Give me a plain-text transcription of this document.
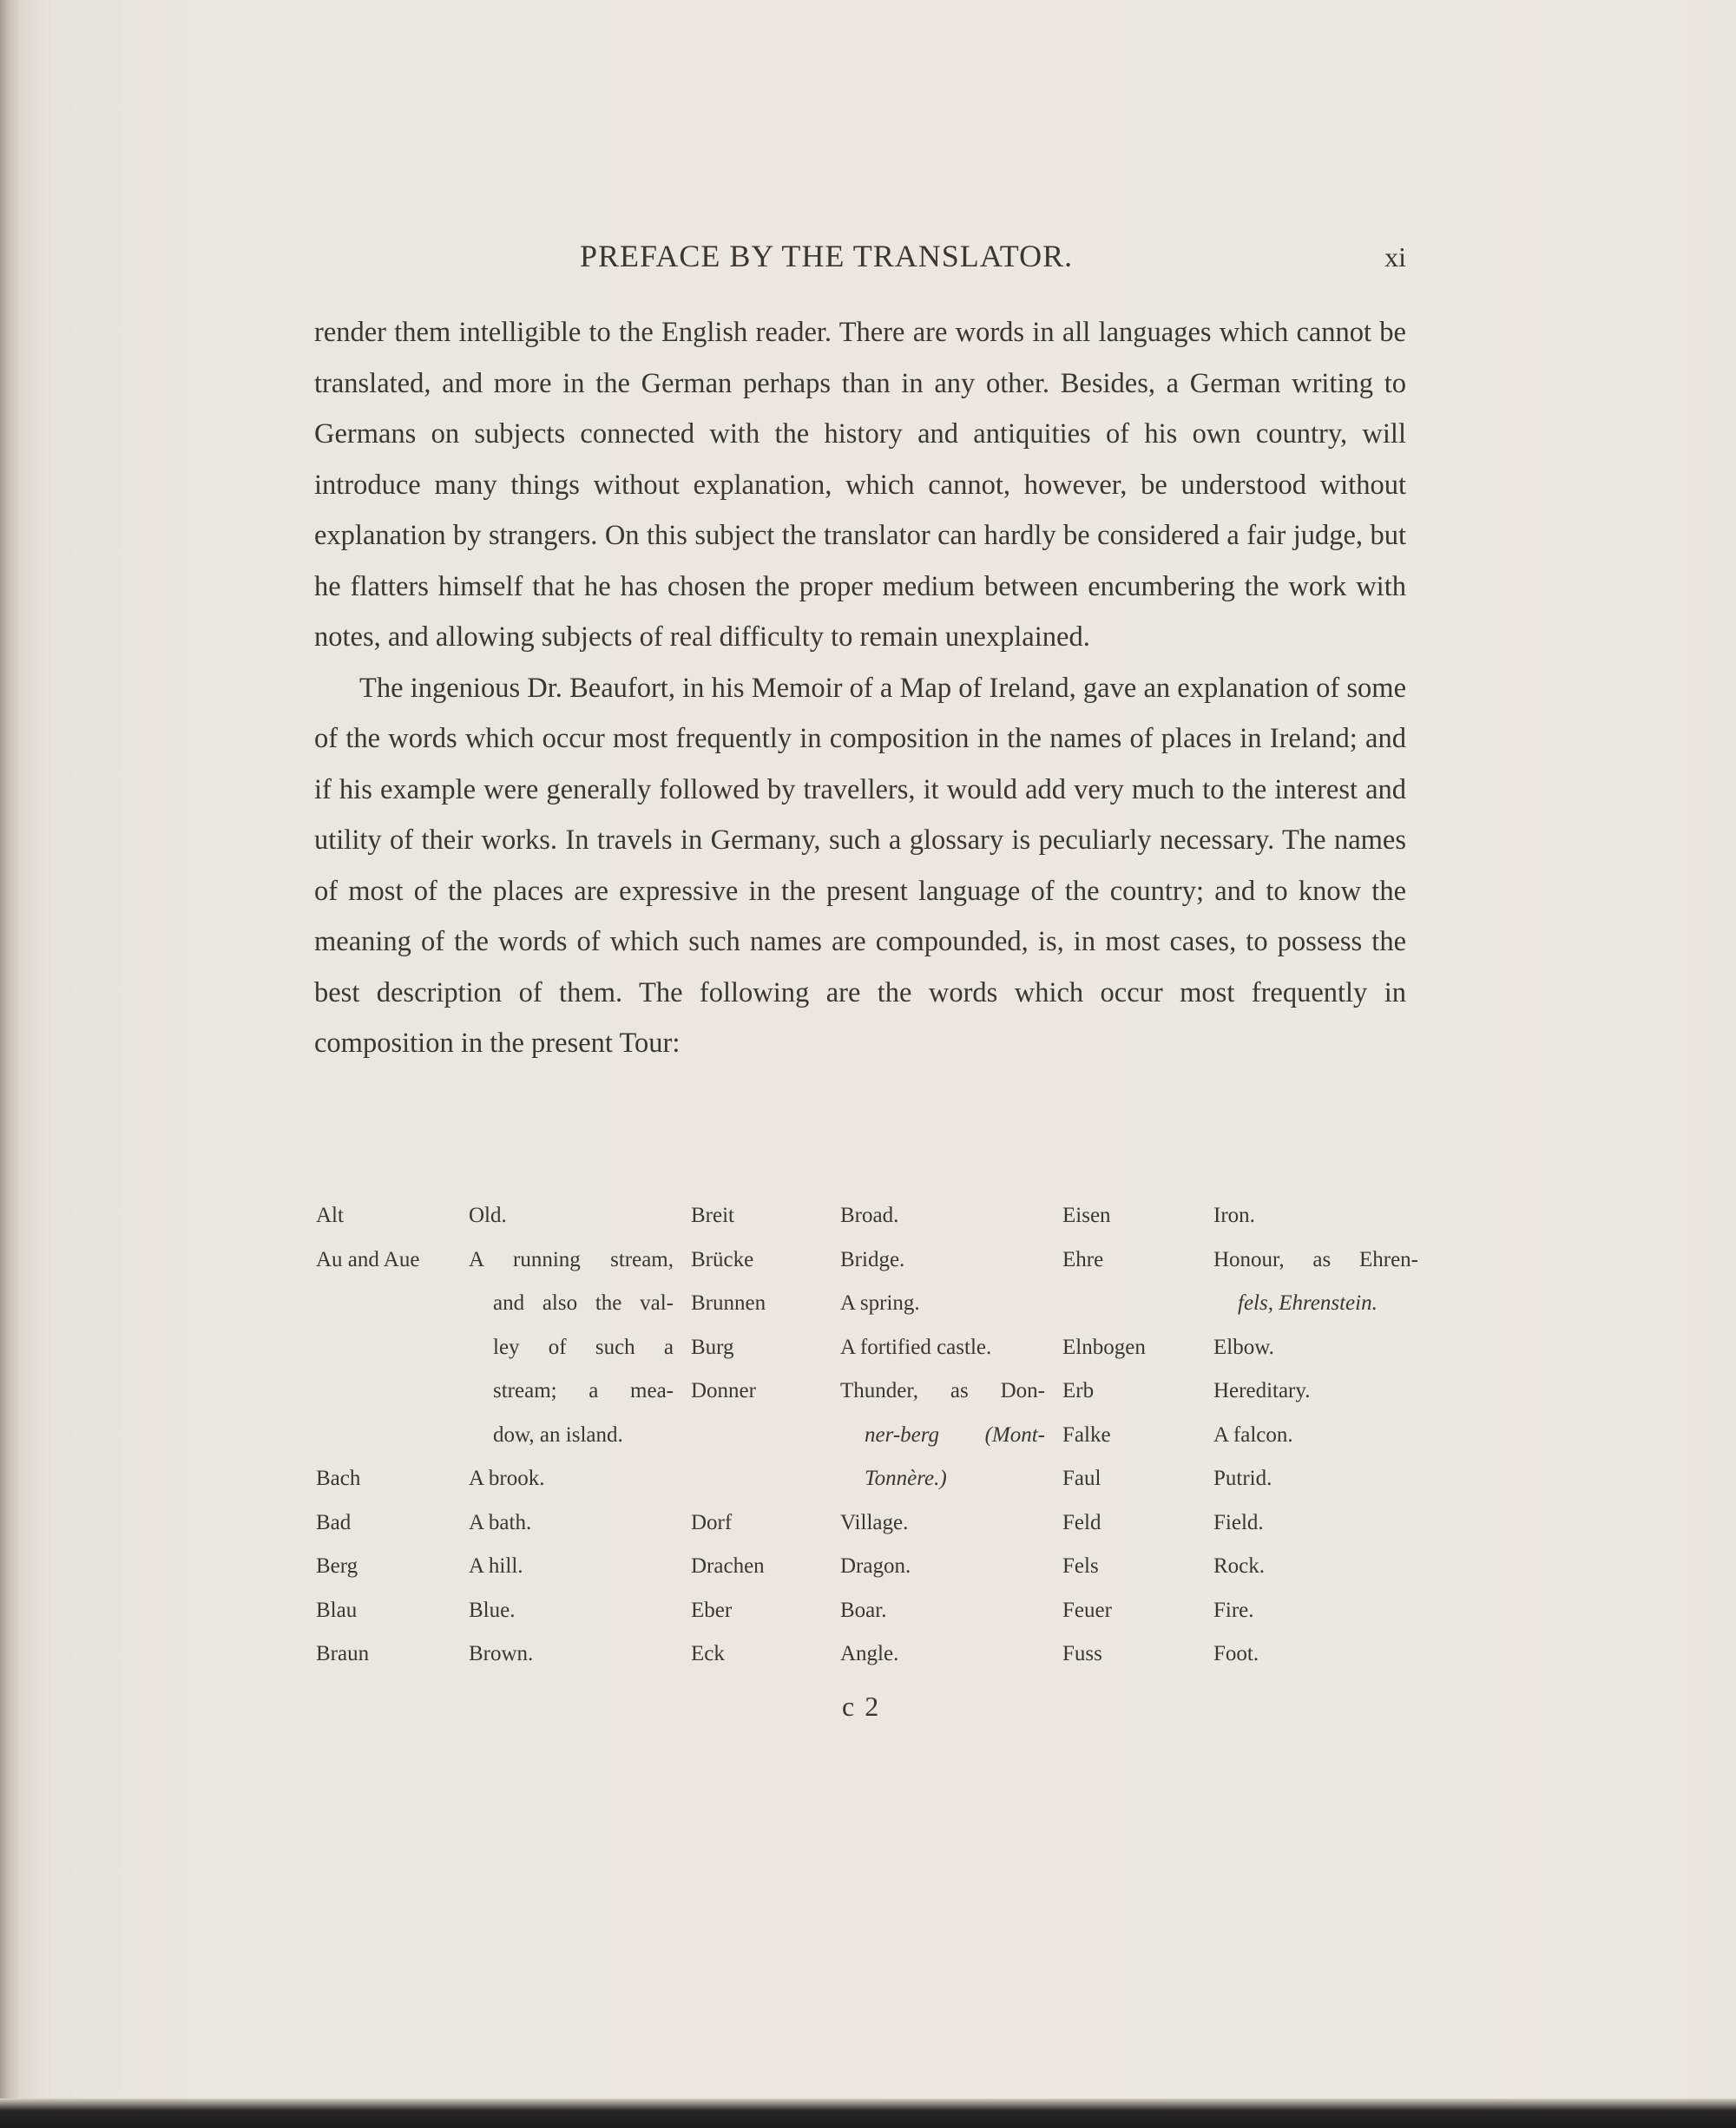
PREFACE BY THE TRANSLATOR.	xi

render them intelligible to the English reader. There are words in all languages which cannot be translated, and more in the German perhaps than in any other. Besides, a German writing to Germans on subjects connected with the history and antiquities of his own country, will introduce many things without explanation, which cannot, however, be understood without explanation by strangers. On this subject the translator can hardly be considered a fair judge, but he flatters himself that he has chosen the proper medium between encumbering the work with notes, and allowing subjects of real difficulty to remain unexplained.

The ingenious Dr. Beaufort, in his Memoir of a Map of Ireland, gave an explanation of some of the words which occur most frequently in composition in the names of places in Ireland; and if his example were generally followed by travellers, it would add very much to the interest and utility of their works. In travels in Germany, such a glossary is peculiarly necessary. The names of most of the places are expressive in the present language of the country; and to know the meaning of the words of which such names are compounded, is, in most cases, to possess the best description of them. The following are the words which occur most frequently in composition in the present Tour:

Alt
Au and Aue
Bach
Bad
Berg
Blau
Braun
Old.
A running stream,
and also the val-
ley of such a
stream; a mea-
dow, an island.
A brook.
A bath.
A hill.
Blue.
Brown.
Breit
Brücke
Brunnen
Burg
Donner
Dorf
Drachen
Eber
Eck
Broad.
Bridge.
A spring.
A fortified castle.
Thunder, as Don-
ner-berg (Mont-
Tonnère.)
Village.
Dragon.
Boar.
Angle.
Eisen
Ehre
Elnbogen
Erb
Falke
Faul
Feld
Fels
Feuer
Fuss
Iron.
Honour, as Ehren-
fels, Ehrenstein.
Elbow.
Hereditary.
A falcon.
Putrid.
Field.
Rock.
Fire.
Foot.
c 2
